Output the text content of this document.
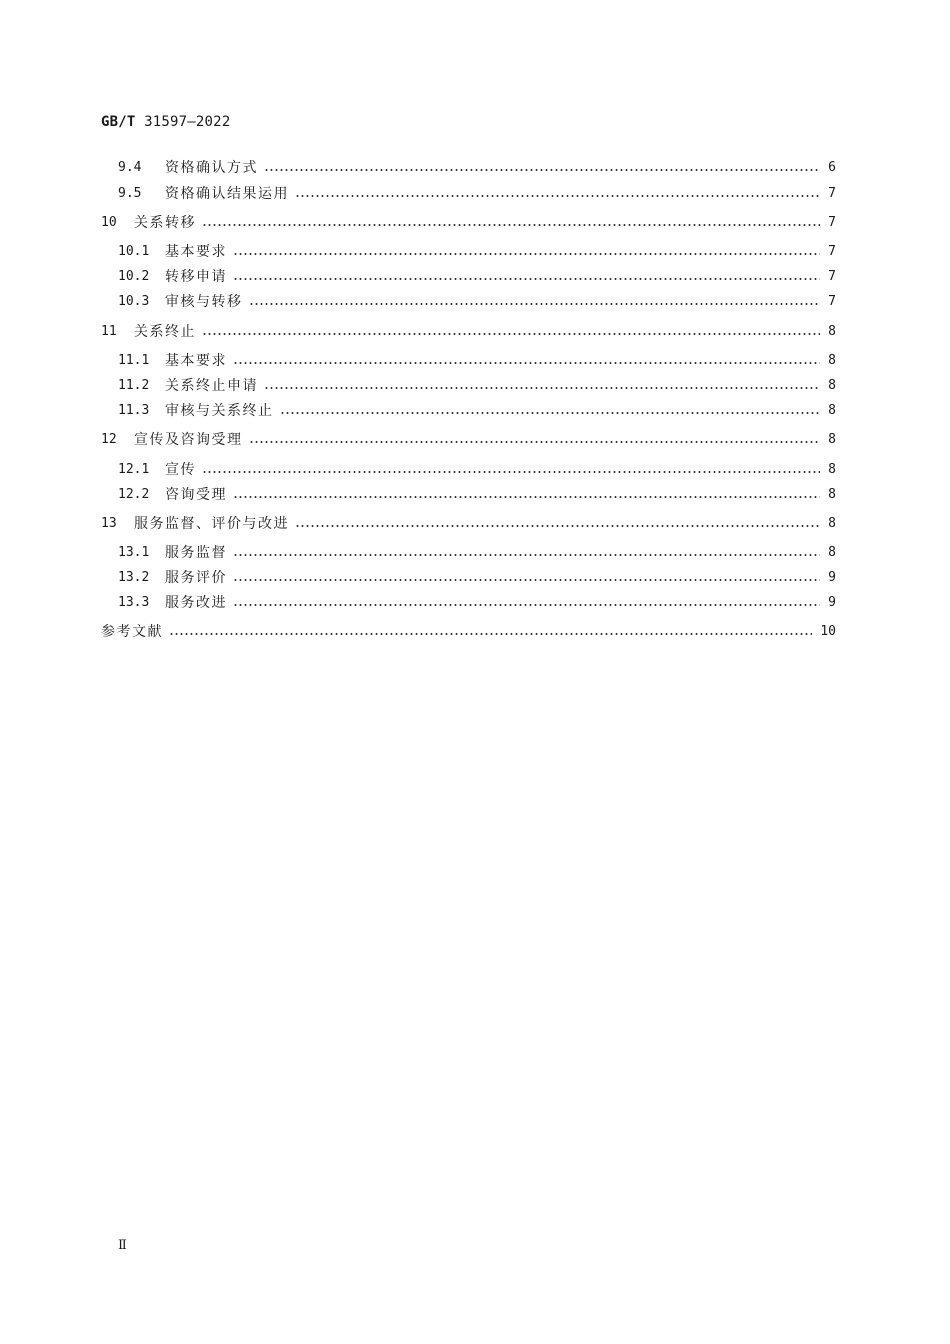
GB/T 31597—2022
9.4	资格确认方式	6
9.5	资格确认结果运用	7
10	关系转移	7
10.1	基本要求	7
10.2	转移申请	7
10.3	审核与转移	7
11	关系终止	8
11.1	基本要求	8
11.2	关系终止申请	8
11.3	审核与关系终止	8
12	宣传及咨询受理	8
12.1	宣传	8
12.2	咨询受理	8
13	服务监督、评价与改进	8
13.1	服务监督	8
13.2	服务评价	9
13.3	服务改进	9
参考文献	10
Ⅱ
